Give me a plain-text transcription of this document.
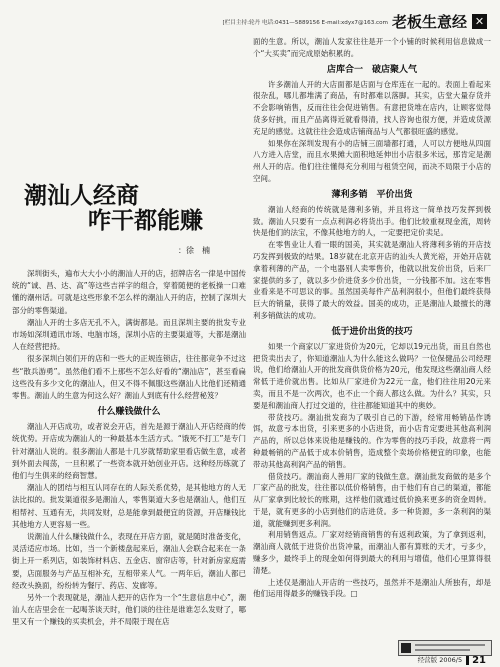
[栏目主持:轮丹 电话:0431—5889156 E-mail:xdyx7@163.com 老板生意经 ✕
潮汕人经商
咋干都能赚
：徐　楠

深圳街头，遍布大大小小的潮汕人开的店，招牌店名一律是中国传统的“诚、昌、达、高”等这些吉祥字的组合，穿着随便的老板操一口难懂的潮州话。可就是这些形象不怎么样的潮汕人开的店，控制了深圳大部分的零售渠道。

潮汕人开的士多店无孔不入，满街都是。而且深圳主要的批发专业市场如深圳通讯市场、电脑市场，深圳小店的主要渠道等，大都是潮汕人在经营把持。

很多深圳白领们开的店和一些大的正规连锁店，往往都竞争不过这些“散兵游勇”。虽然他们看不上那些不怎么好看的“潮汕店”，甚至看扁这些没有多少文化的潮汕人，但又不得不佩服这些潮汕人比他们还精通零售。潮汕人的生意为何这么好？潮汕人到底有什么经营秘笈？

什么赚钱做什么

潮汕人开店成功，或者说会开店，首先是源于潮汕人开店经商的传统优势。开店成为潮汕人的一种最基本生活方式。“饿死不打工”是专门针对潮汕人说的。很多潮汕人都是十几岁就帮助家里看店做生意，或者到外面去闯荡，一旦积累了一些资本就开始创业开店。这种经历练就了他们与生俱来的经商智慧。

潮汕人的团结与相互认同存在的人际关系优势，是其他地方的人无法比拟的。批发渠道很多是潮汕人，零售渠道大多也是潮汕人，他们互相帮衬、互通有无，共同发财，总是能拿到最便宜的货源，开店赚钱比其他地方人更容易一些。

说潮汕人什么赚钱做什么，表现在开店方面，就是随时准备变化，灵活适应市场。比如，当一个新楼盘起来后，潮汕人会联合起来在一条街上开一系列店，如装饰材料店、五金店、窗帘店等，针对新房家庭需要，店面服务与产品互相补充，互相带来人气。一两年后，潮汕人都已经改头换面，纷纷转为餐厅、药店、发廊等。

另外一个表现就是，潮汕人把开的店作为一个“生意信息中心”，潮汕人在店里会在一起喝茶谈天时，他们谈的往往是谁谁怎么发财了，哪里又有一个赚钱的买卖机会，并不局限于现在店

面的生意。所以，潮汕人发家往往是开一个小铺的时候利用信息做成一个“大买卖”而完成原始积累的。

店库合一　破店聚人气

许多潮汕人开的大店面都是店面与仓库连在一起的。表面上看起来很杂乱，哪儿都堆满了商品，有时都难以落脚。其实，店堂大量存货并不会影响销售，反而往往会促进销售。有意把货堆在店内，让顾客觉得货多好挑，而且产品离得近就看得清，找人咨询也很方便，并造成货源充足的感觉。这就往往会造成店铺商品与人气都很旺盛的感觉。

如果你在深圳发现有小的店铺三面墙都打通，人可以方便地从四面八方进入店堂，而且水果摊大面积地延伸出小店很多米远，那肯定是潮州人开的店。他们往往懂得充分利用与租赁空间，而决不局限于小店的空间。

薄利多销　平价出货

潮汕人经商的传统就是薄利多销，并且将这一简单技巧发挥到极致。潮汕人只要有一点点利润必将货出手。他们比较重视现金流，周转快是他们的法宝，不像其他地方的人，一定要把定价卖足。

在零售业让人看一眼的国美，其实就是潮汕人将薄利多销的开店技巧发挥到极致的结果。18岁就在北京开店的汕头人黄光裕，开始开店就拿着利薄的产品，一个电器别人卖零售价，他就以批发价出货，后来厂家提供的多了，就以多少价进货多少价出货，一分钱都不加。这在零售业看来是不可思议的事。虽然国美每件产品利润很小，但他们最终获得巨大的销量，获得了最大的效益。国美的成功，正是潮汕人最擅长的薄利多销做法的成功。

低于进价出货的技巧

如果一个商家以厂家进货价为20元，它却以19元出货，而且自然也把货卖出去了，你知道潮汕人为什么能这么做吗？一位保健品公司经理说，他们给潮汕人开的批发商供货价格为20元，他发现这些潮汕商人经常低于进价就出售。比如从厂家进价为22元一盒，他们往往用20元来卖，而且不是一次两次，也不止一个商人都这么做。为什么？其实，只要是和潮汕商人打过交道的，往往都能知道其中的奥妙。

带货技巧。潮汕批发商为了吸引自己的下游，经常用畅销品作诱饵，故意亏本出货，引来更多的小店进货，而小店肯定要进其他高利润产品的，所以总体来说他是赚钱的。作为零售的技巧手段，故意将一两种最畅销的产品低于成本价销售，造成整个卖场价格便宜的印象，也能带动其他高利润产品的销售。

借货技巧。潮汕商人善用厂家的钱做生意。潮汕批发商做的是多个厂家产品的批发，往往都以低价格销售，由于他们有自己的渠道，都能从厂家拿到比较长的账期，这样他们就通过低价换来更多的资金周转。于是，就有更多的小店到他们的店进货。多一种货源，多一条利润的渠道，就能赚到更多利润。

利用销售返点。厂家对经销商销售的有返利政策，为了拿到返利，潮汕商人就低于进货价出货冲量，而潮汕人都有算账的天才，亏多少，赚多少，最终手上的现金如何得到最大的利用与增值，他们心里算得很清楚。

上述仅是潮汕人开店的一些技巧，虽然并不是潮汕人所独有，却是他们运用得最多的赚钱手段。□

经营版 2006/5 21
